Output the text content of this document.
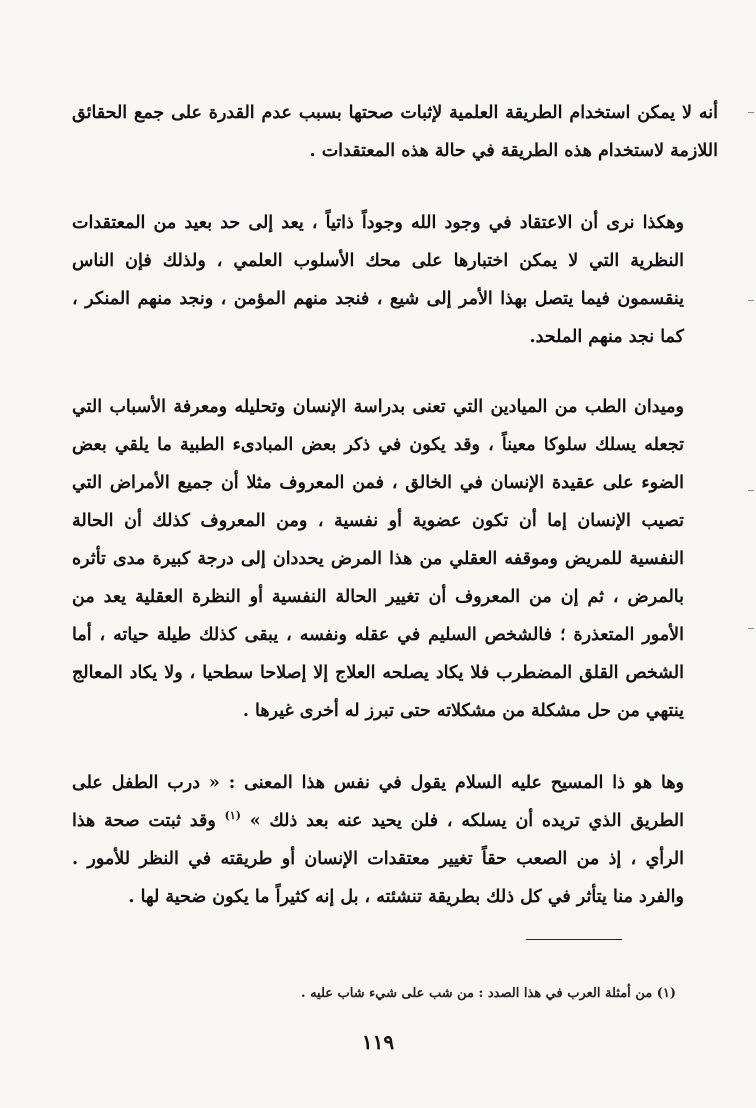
أنه لا يمكن استخدام الطريقة العلمية لإثبات صحتها بسبب عدم القدرة على جمع الحقائق اللازمة لاستخدام هذه الطريقة في حالة هذه المعتقدات .

وهكذا نرى أن الاعتقاد في وجود الله وجوداً ذاتياً ، يعد إلى حد بعيد من المعتقدات النظرية التي لا يمكن اختبارها على محك الأسلوب العلمي ، ولذلك فإن الناس ينقسمون فيما يتصل بهذا الأمر إلى شيع ، فنجد منهم المؤمن ، ونجد منهم المنكر ، كما نجد منهم الملحد.

وميدان الطب من الميادين التي تعنى بدراسة الإنسان وتحليله ومعرفة الأسباب التي تجعله يسلك سلوكا معيناً ، وقد يكون في ذكر بعض المبادىء الطبية ما يلقي بعض الضوء على عقيدة الإنسان في الخالق ، فمن المعروف مثلا أن جميع الأمراض التي تصيب الإنسان إما أن تكون عضوية أو نفسية ، ومن المعروف كذلك أن الحالة النفسية للمريض وموقفه العقلي من هذا المرض يحددان إلى درجة كبيرة مدى تأثره بالمرض ، ثم إن من المعروف أن تغيير الحالة النفسية أو النظرة العقلية يعد من الأمور المتعذرة ؛ فالشخص السليم في عقله ونفسه ، يبقى كذلك طيلة حياته ، أما الشخص القلق المضطرب فلا يكاد يصلحه العلاج إلا إصلاحا سطحيا ، ولا يكاد المعالج ينتهي من حل مشكلة من مشكلاته حتى تبرز له أخرى غيرها .

وها هو ذا المسيح عليه السلام يقول في نفس هذا المعنى : « درب الطفل على الطريق الذي تريده أن يسلكه ، فلن يحيد عنه بعد ذلك » $^{(١)}$ وقد ثبتت صحة هذا الرأي ، إذ من الصعب حقاً تغيير معتقدات الإنسان أو طريقته في النظر للأمور . والفرد منا يتأثر في كل ذلك بطريقة تنشئته ، بل إنه كثيراً ما يكون ضحية لها .

(١) من أمثلة العرب في هذا الصدد : من شب على شيء شاب عليه .
١١٩
